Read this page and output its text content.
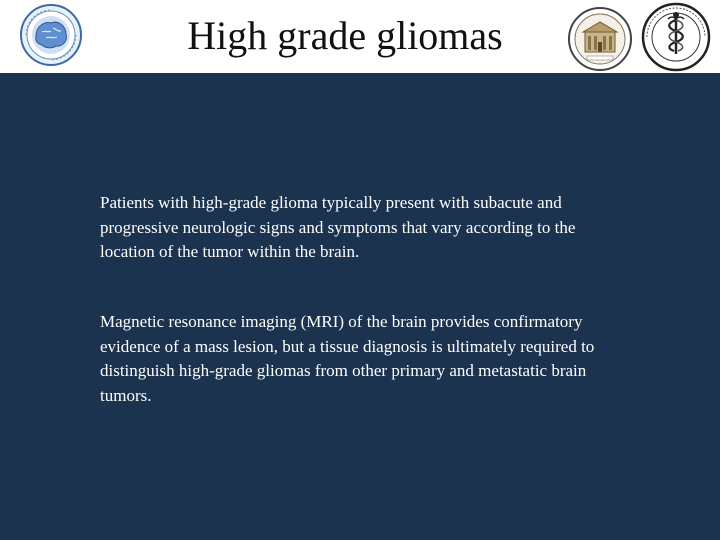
High grade gliomas
Patients with high-grade glioma typically present with subacute and progressive neurologic signs and symptoms that vary according to the location of the tumor within the brain.
Magnetic resonance imaging (MRI) of the brain provides confirmatory evidence of a mass lesion, but a tissue diagnosis is ultimately required to distinguish high-grade gliomas from other primary and metastatic brain tumors.
